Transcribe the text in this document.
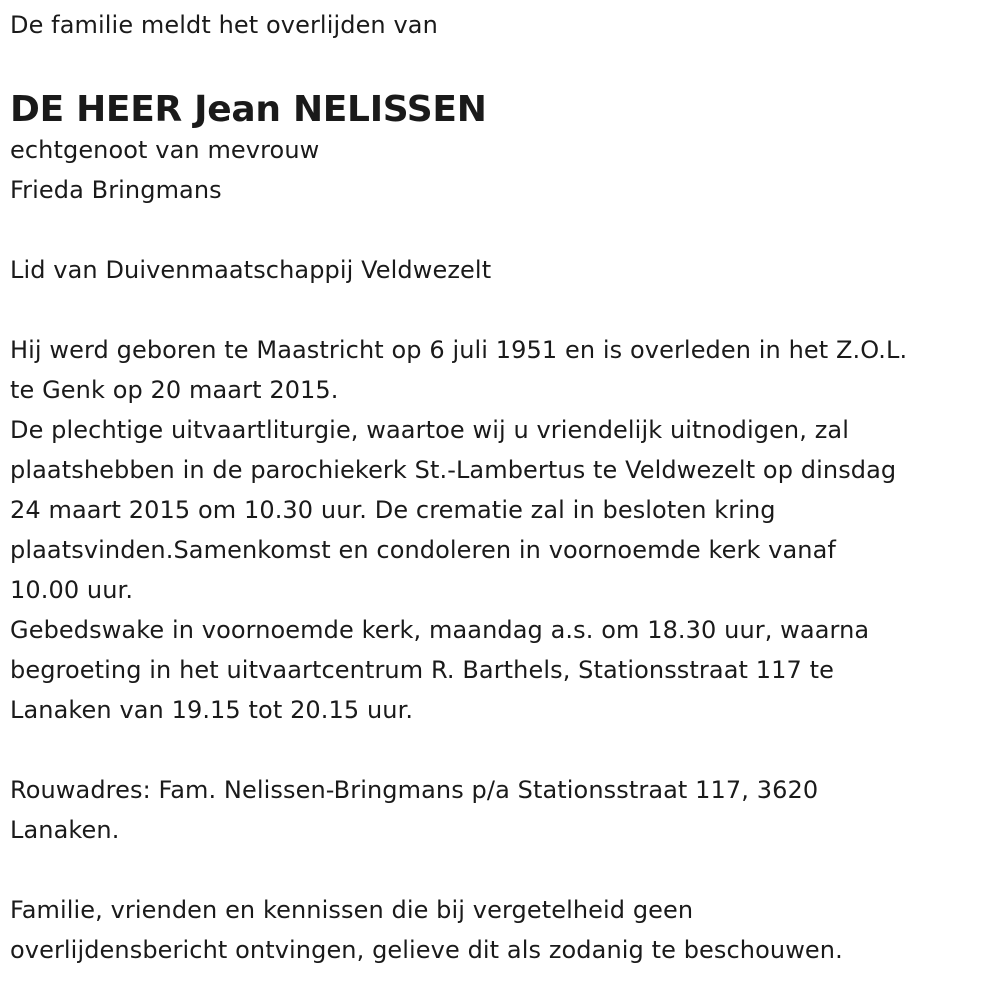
De familie meldt het overlijden van
DE HEER Jean NELISSEN
echtgenoot van mevrouw
Frieda Bringmans
Lid van Duivenmaatschappij Veldwezelt
Hij werd geboren te Maastricht op 6 juli 1951 en is overleden in het Z.O.L.
te Genk op 20 maart 2015.
De plechtige uitvaartliturgie, waartoe wij u vriendelijk uitnodigen, zal
plaatshebben in de parochiekerk St.-Lambertus te Veldwezelt op dinsdag
24 maart 2015 om 10.30 uur. De crematie zal in besloten kring
plaatsvinden.Samenkomst en condoleren in voornoemde kerk vanaf
10.00 uur.
Gebedswake in voornoemde kerk, maandag a.s. om 18.30 uur, waarna
begroeting in het uitvaartcentrum R. Barthels, Stationsstraat 117 te
Lanaken van 19.15 tot 20.15 uur.
Rouwadres: Fam. Nelissen-Bringmans p/a Stationsstraat 117, 3620
Lanaken.
Familie, vrienden en kennissen die bij vergetelheid geen
overlijdensbericht ontvingen, gelieve dit als zodanig te beschouwen.
